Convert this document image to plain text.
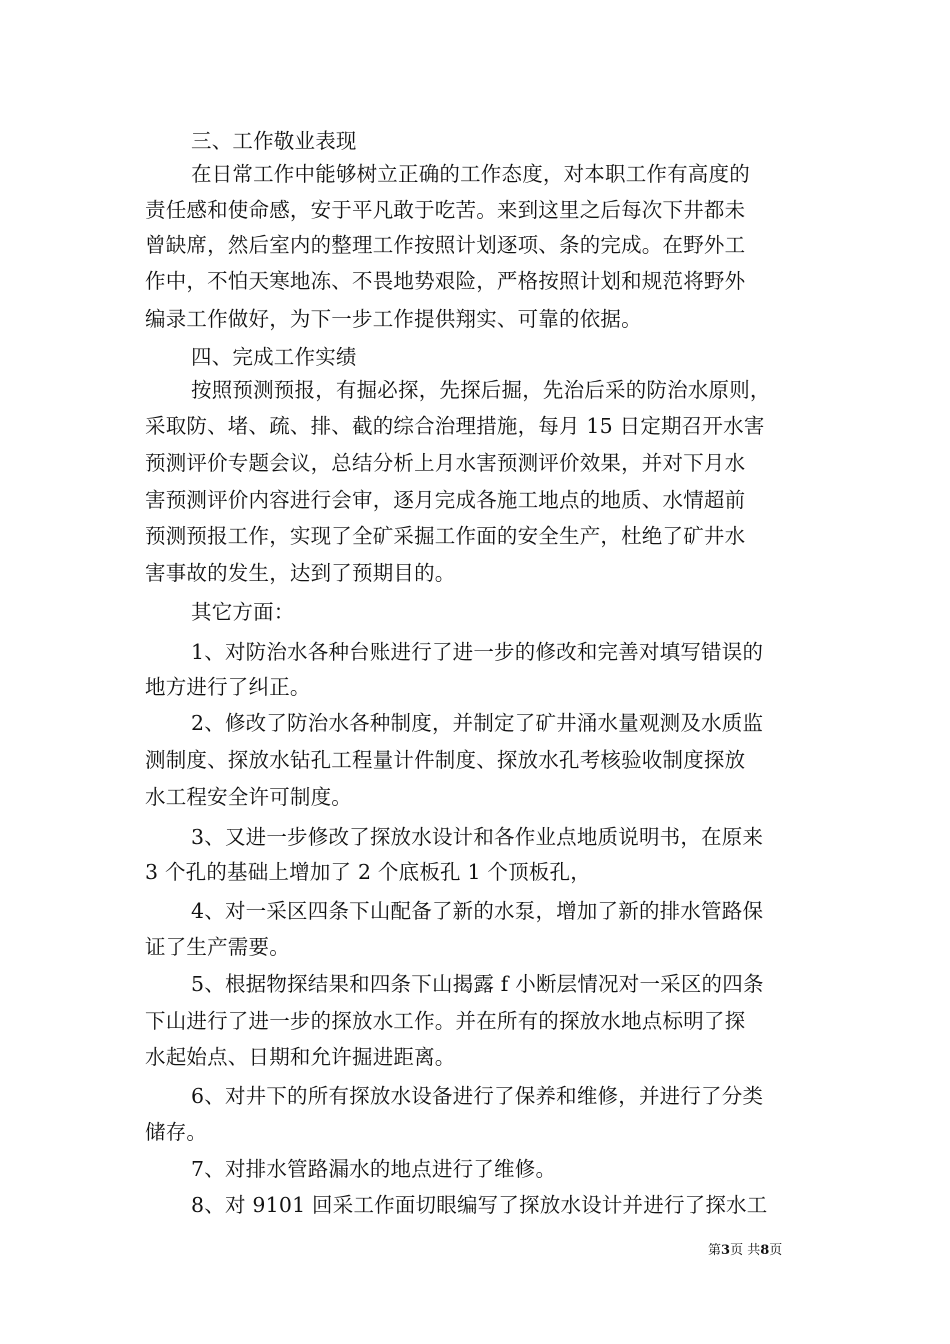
三、工作敬业表现
在日常工作中能够树立正确的工作态度，对本职工作有高度的
责任感和使命感，安于平凡敢于吃苦。来到这里之后每次下井都未
曾缺席，然后室内的整理工作按照计划逐项、条的完成。在野外工
作中，不怕天寒地冻、不畏地势艰险，严格按照计划和规范将野外
编录工作做好，为下一步工作提供翔实、可靠的依据。
四、完成工作实绩
按照预测预报，有掘必探，先探后掘，先治后采的防治水原则，
采取防、堵、疏、排、截的综合治理措施，每月 15 日定期召开水害
预测评价专题会议，总结分析上月水害预测评价效果，并对下月水
害预测评价内容进行会审，逐月完成各施工地点的地质、水情超前
预测预报工作，实现了全矿采掘工作面的安全生产，杜绝了矿井水
害事故的发生，达到了预期目的。
其它方面：
1、对防治水各种台账进行了进一步的修改和完善对填写错误的
地方进行了纠正。
2、修改了防治水各种制度，并制定了矿井涌水量观测及水质监
测制度、探放水钻孔工程量计件制度、探放水孔考核验收制度探放
水工程安全许可制度。
3、又进一步修改了探放水设计和各作业点地质说明书，在原来
3 个孔的基础上增加了 2 个底板孔 1 个顶板孔，
4、对一采区四条下山配备了新的水泵，增加了新的排水管路保
证了生产需要。
5、根据物探结果和四条下山揭露 f 小断层情况对一采区的四条
下山进行了进一步的探放水工作。并在所有的探放水地点标明了探
水起始点、日期和允许掘进距离。
6、对井下的所有探放水设备进行了保养和维修，并进行了分类
储存。
7、对排水管路漏水的地点进行了维修。
8、对 9101 回采工作面切眼编写了探放水设计并进行了探水工
第3页 共8页
